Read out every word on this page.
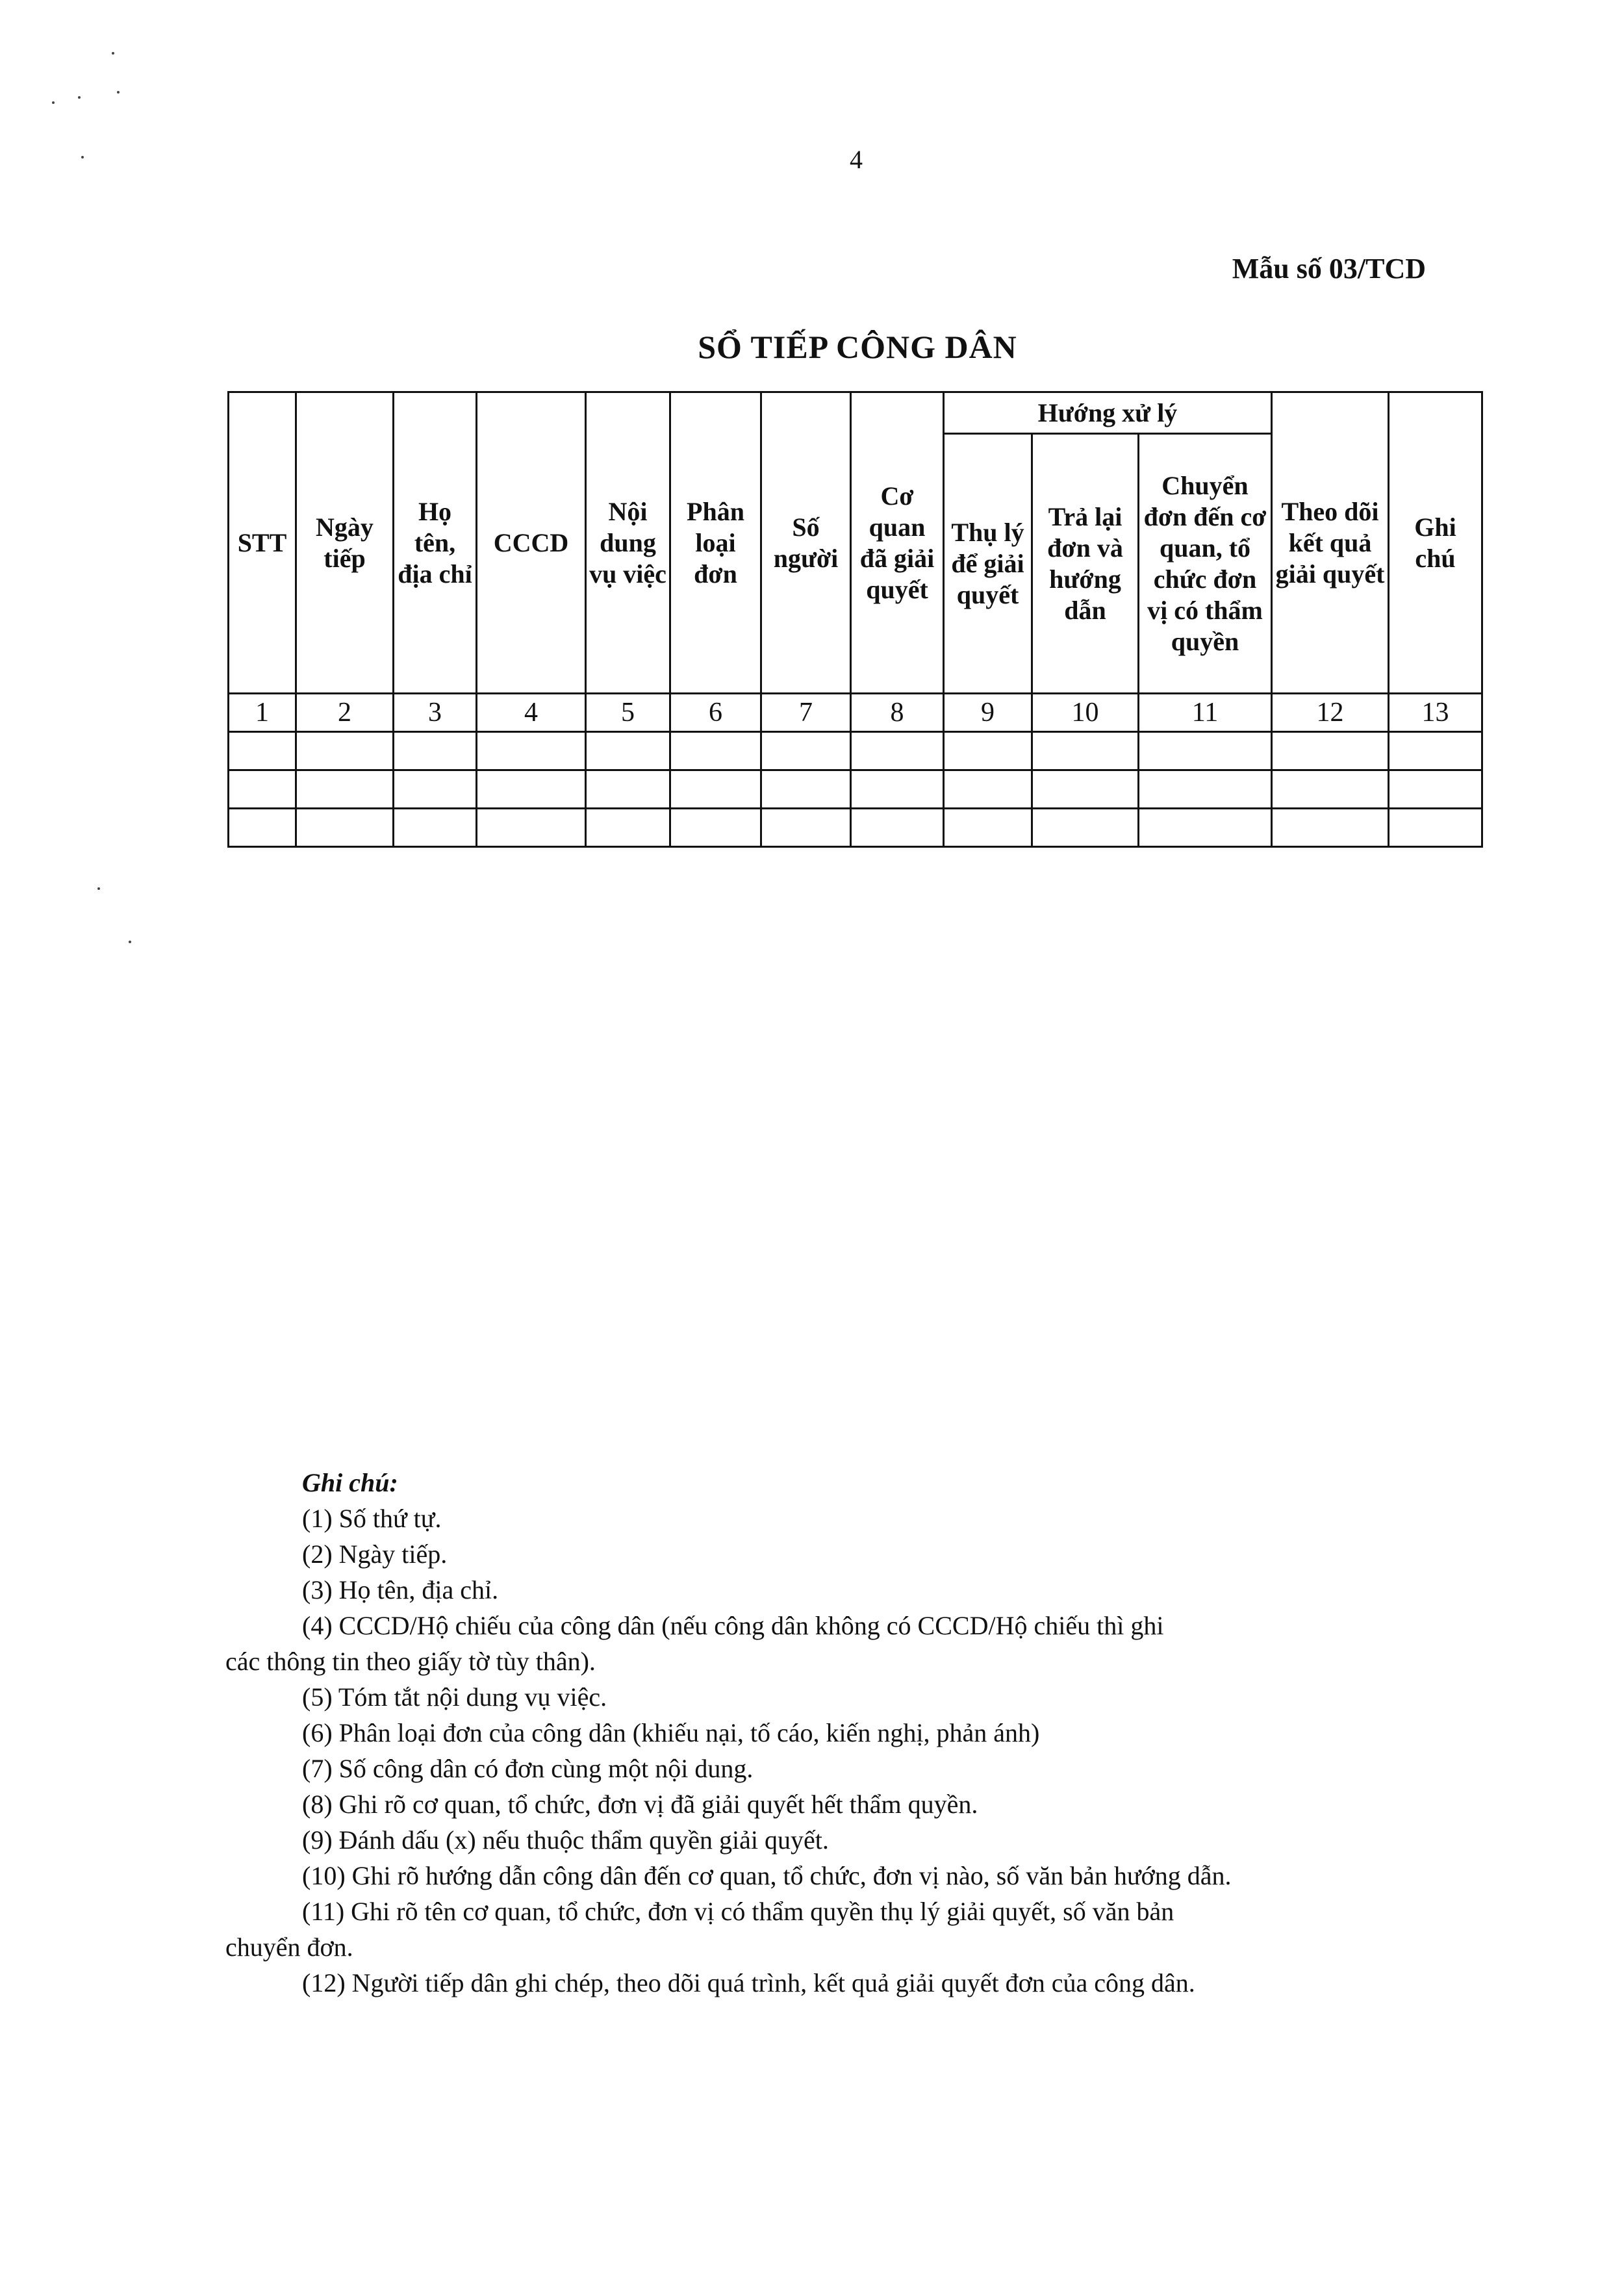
4
Mẫu số 03/TCD
SỔ TIẾP CÔNG DÂN
STT	Ngày tiếp	Họ tên, địa chỉ	CCCD	Nội dung vụ việc	Phân loại đơn	Số người	Cơ quan đã giải quyết	Hướng xử lý			Theo dõi kết quả giải quyết	Ghi chú
								Thụ lý để giải quyết	Trả lại đơn và hướng dẫn	Chuyển đơn đến cơ quan, tổ chức đơn vị có thẩm quyền		
1	2	3	4	5	6	7	8	9	10	11	12	13

Ghi chú:

(1) Số thứ tự.

(2) Ngày tiếp.

(3) Họ tên, địa chỉ.

(4) CCCD/Hộ chiếu của công dân (nếu công dân không có CCCD/Hộ chiếu thì ghi
các thông tin theo giấy tờ tùy thân).

(5) Tóm tắt nội dung vụ việc.

(6) Phân loại đơn của công dân (khiếu nại, tố cáo, kiến nghị, phản ánh)

(7) Số công dân có đơn cùng một nội dung.

(8) Ghi rõ cơ quan, tổ chức, đơn vị đã giải quyết hết thẩm quyền.

(9) Đánh dấu (x) nếu thuộc thẩm quyền giải quyết.

(10) Ghi rõ hướng dẫn công dân đến cơ quan, tổ chức, đơn vị nào, số văn bản hướng dẫn.

(11) Ghi rõ tên cơ quan, tổ chức, đơn vị có thẩm quyền thụ lý giải quyết, số văn bản
chuyển đơn.

(12) Người tiếp dân ghi chép, theo dõi quá trình, kết quả giải quyết đơn của công dân.
